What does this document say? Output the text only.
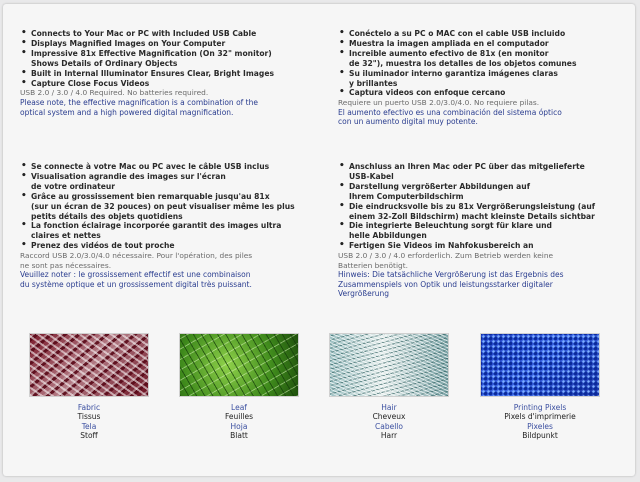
• Connects to Your Mac or PC with Included USB Cable
• Displays Magnified Images on Your Computer
• Impressive 81x Effective Magnification (On 32" monitor)
Shows Details of Ordinary Objects
• Built in Internal Illuminator Ensures Clear, Bright Images
• Capture Close Focus Videos
USB 2.0 / 3.0 / 4.0 Required. No batteries required.
Please note, the effective magnification is a combination of the
optical system and a high powered digital magnification.
• Conéctelo a su PC o MAC con el cable USB incluido
• Muestra la imagen ampliada en el computador
• Increible aumento efectivo de 81x (en monitor
de 32"), muestra los detalles de los objetos comunes
• Su iluminador interno garantiza imágenes claras
y brillantes
• Captura videos con enfoque cercano
Requiere un puerto USB 2.0/3.0/4.0. No requiere pilas.
El aumento efectivo es una combinación del sistema óptico
con un aumento digital muy potente.
• Se connecte à votre Mac ou PC avec le câble USB inclus
• Visualisation agrandie des images sur l'écran
de votre ordinateur
• Grâce au grossissement bien remarquable jusqu'au 81x
(sur un écran de 32 pouces) on peut visualiser même les plus
petits détails des objets quotidiens
• La fonction éclairage incorporée garantit des images ultra
claires et nettes
• Prenez des vidéos de tout proche
Raccord USB 2.0/3.0/4.0 nécessaire. Pour l'opération, des piles
ne sont pas nécessaires.
Veuillez noter : le grossissement effectif est une combinaison
du système optique et un grossissement digital très puissant.
• Anschluss an Ihren Mac oder PC über das mitgelieferte
USB-Kabel
• Darstellung vergrößerter Abbildungen auf
Ihrem Computerbildschirm
• Die eindrucksvolle bis zu 81x Vergrößerungsleistung (auf
einem 32-Zoll Bildschirm) macht kleinste Details sichtbar
• Die integrierte Beleuchtung sorgt für klare und
helle Abbildungen
• Fertigen Sie Videos im Nahfokusbereich an
USB 2.0 / 3.0 / 4.0 erforderlich. Zum Betrieb werden keine
Batterien benötigt.
Hinweis: Die tatsächliche Vergrößerung ist das Ergebnis des
Zusammenspiels von Optik und leistungsstarker digitaler
Vergrößerung
Fabric
Tissus
Tela
Stoff
Leaf
Feuilles
Hoja
Blatt
Hair
Cheveux
Cabello
Harr
Printing Pixels
Pixels d'imprimerie
Pixeles
Bildpunkt
